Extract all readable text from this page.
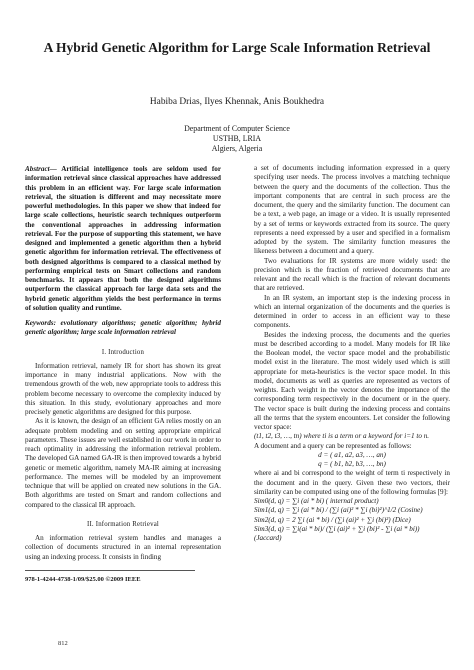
A Hybrid Genetic Algorithm for Large Scale Information Retrieval
Habiba Drias, Ilyes Khennak, Anis Boukhedra
Department of Computer Science
USTHB, LRIA
Algiers, Algeria

Abstract— Artificial intelligence tools are seldom used for information retrieval since classical approaches have addressed this problem in an efficient way. For large scale information retrieval, the situation is different and may necessitate more powerful methodologies. In this paper we show that indeed for large scale collections, heuristic search techniques outperform the conventional approaches in addressing information retrieval. For the purpose of supporting this statement, we have designed and implemented a genetic algorithm then a hybrid genetic algorithm for information retrieval. The effectiveness of both designed algorithms is compared to a classical method by performing empirical tests on Smart collections and random benchmarks. It appears that both the designed algorithms outperform the classical approach for large data sets and the hybrid genetic algorithm yields the best performance in terms of solution quality and runtime.

Keywords: evolutionary algorithms; genetic algorithm; hybrid genetic algorithm; large scale information retrieval

I. Introduction

Information retrieval, namely IR for short has shown its great importance in many industrial applications. Now with the tremendous growth of the web, new appropriate tools to address this problem become necessary to overcome the complexity induced by this situation. In this study, evolutionary approaches and more precisely genetic algorithms are designed for this purpose.

As it is known, the design of an efficient GA relies mostly on an adequate problem modeling and on setting appropriate empirical parameters. These issues are well established in our work in order to reach optimality in addressing the information retrieval problem. The developed GA named GA-IR is then improved towards a hybrid genetic or memetic algorithm, namely MA-IR aiming at increasing performance. The memes will be modeled by an improvement technique that will be applied on created new solutions in the GA. Both algorithms are tested on Smart and random collections and compared to the classical IR approach.

II. Information Retrieval

An information retrieval system handles and manages a collection of documents structured in an internal representation using an indexing process. It consists in finding

978-1-4244-4738-1/09/$25.00 ©2009 IEEE

a set of documents including information expressed in a query specifying user needs. The process involves a matching technique between the query and the documents of the collection. Thus the important components that are central in such process are the document, the query and the similarity function. The document can be a text, a web page, an image or a video. It is usually represented by a set of terms or keywords extracted from its source. The query represents a need expressed by a user and specified in a formalism adopted by the system. The similarity function measures the likeness between a document and a query.

Two evaluations for IR systems are more widely used: the precision which is the fraction of retrieved documents that are relevant and the recall which is the fraction of relevant documents that are retrieved.

In an IR system, an important step is the indexing process in which an internal organization of the documents and the queries is determined in order to access in an efficient way to these components.

Besides the indexing process, the documents and the queries must be described according to a model. Many models for IR like the Boolean model, the vector space model and the probabilistic model exist in the literature. The most widely used which is still appropriate for meta-heuristics is the vector space model. In this model, documents as well as queries are represented as vectors of weights. Each weight in the vector denotes the importance of the corresponding term respectively in the document or in the query. The vector space is built during the indexing process and contains all the terms that the system encounters. Let consider the following vector space:

(t1, t2, t3, …, tn) where ti is a term or a keyword for i=1 to n.

A document and a query can be represented as follows:

d = ( a1, a2, a3, …, an)

q = ( b1, b2, b3, …, bn)

where ai and bi correspond to the weight of term ti respectively in the document and in the query. Given these two vectors, their similarity can be computed using one of the following formulas [9]:

Sim0(d, q) = ∑i (ai * bi) ( internal product)

Sim1(d, q) = ∑i (ai * bi) / (∑i (ai)² * ∑i (bi)²)^1/2 (Cosine)

Sim2(d, q) = 2 ∑i (ai * bi) / (∑i (ai)² + ∑i (bi)²) (Dice)

Sim3(d, q) = ∑i(ai * bi)/ (∑i (ai)² + ∑i (bi)² - ∑i (ai * bi))

(Jaccard)

812
